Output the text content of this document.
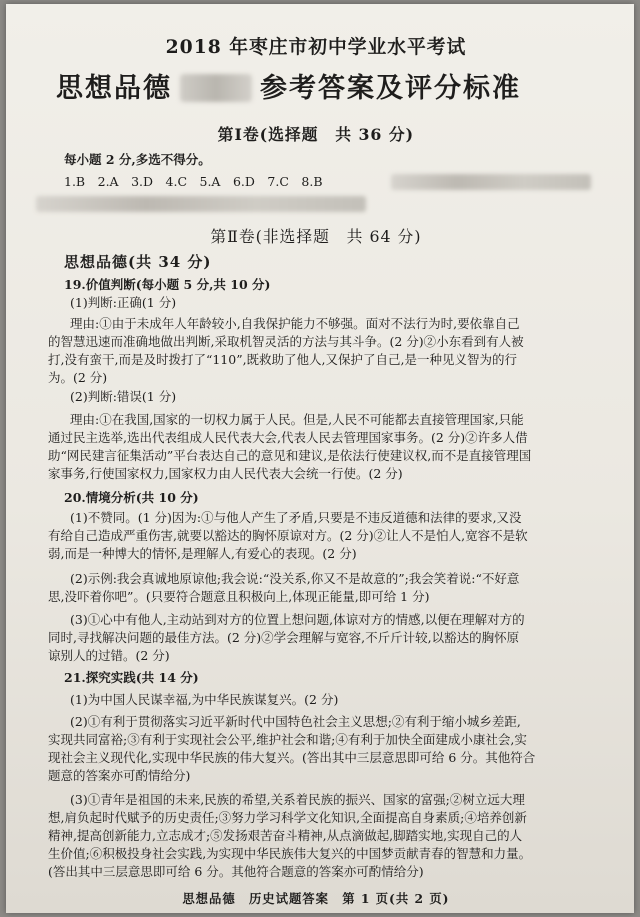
2018 年枣庄市初中学业水平考试
思想品德	参考答案及评分标准
第Ⅰ卷(选择题　共 36 分)
每小题 2 分,多选不得分。
1.B　2.A　3.D　4.C　5.A　6.D　7.C　8.B
第Ⅱ卷(非选择题　共 64 分)
思想品德(共 34 分)
19.价值判断(每小题 5 分,共 10 分)
(1)判断:正确(1 分)
理由:①由于未成年人年龄较小,自我保护能力不够强。面对不法行为时,要依靠自己
的智慧迅速而准确地做出判断,采取机智灵活的方法与其斗争。(2 分)②小东看到有人被
打,没有蛮干,而是及时拨打了“110”,既救助了他人,又保护了自己,是一种见义智为的行
为。(2 分)
(2)判断:错误(1 分)
理由:①在我国,国家的一切权力属于人民。但是,人民不可能都去直接管理国家,只能
通过民主选举,选出代表组成人民代表大会,代表人民去管理国家事务。(2 分)②许多人借
助“网民建言征集活动”平台表达自己的意见和建议,是依法行使建议权,而不是直接管理国
家事务,行使国家权力,国家权力由人民代表大会统一行使。(2 分)
20.情境分析(共 10 分)
(1)不赞同。(1 分)因为:①与他人产生了矛盾,只要是不违反道德和法律的要求,又没
有给自己造成严重伤害,就要以豁达的胸怀原谅对方。(2 分)②让人不是怕人,宽容不是软
弱,而是一种博大的情怀,是理解人,有爱心的表现。(2 分)
(2)示例:我会真诚地原谅他;我会说:“没关系,你又不是故意的”;我会笑着说:“不好意
思,没吓着你吧”。(只要符合题意且积极向上,体现正能量,即可给 1 分)
(3)①心中有他人,主动站到对方的位置上想问题,体谅对方的情感,以便在理解对方的
同时,寻找解决问题的最佳方法。(2 分)②学会理解与宽容,不斤斤计较,以豁达的胸怀原
谅别人的过错。(2 分)
21.探究实践(共 14 分)
(1)为中国人民谋幸福,为中华民族谋复兴。(2 分)
(2)①有利于贯彻落实习近平新时代中国特色社会主义思想;②有利于缩小城乡差距,
实现共同富裕;③有利于实现社会公平,维护社会和谐;④有利于加快全面建成小康社会,实
现社会主义现代化,实现中华民族的伟大复兴。(答出其中三层意思即可给 6 分。其他符合
题意的答案亦可酌情给分)
(3)①青年是祖国的未来,民族的希望,关系着民族的振兴、国家的富强;②树立远大理
想,肩负起时代赋予的历史责任;③努力学习科学文化知识,全面提高自身素质;④培养创新
精神,提高创新能力,立志成才;⑤发扬艰苦奋斗精神,从点滴做起,脚踏实地,实现自己的人
生价值;⑥积极投身社会实践,为实现中华民族伟大复兴的中国梦贡献青春的智慧和力量。
(答出其中三层意思即可给 6 分。其他符合题意的答案亦可酌情给分)
思想品德　历史试题答案　第 1 页(共 2 页)
